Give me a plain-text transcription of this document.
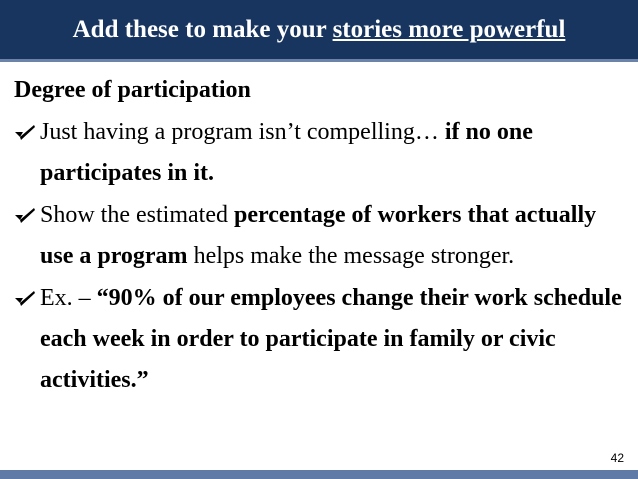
Add these to make your stories more powerful
Degree of participation
Just having a program isn’t compelling… if no one participates in it.
Show the estimated percentage of workers that actually use a program helps make the message stronger.
Ex. – “90% of our employees change their work schedule each week in order to participate in family or civic activities.”
42
